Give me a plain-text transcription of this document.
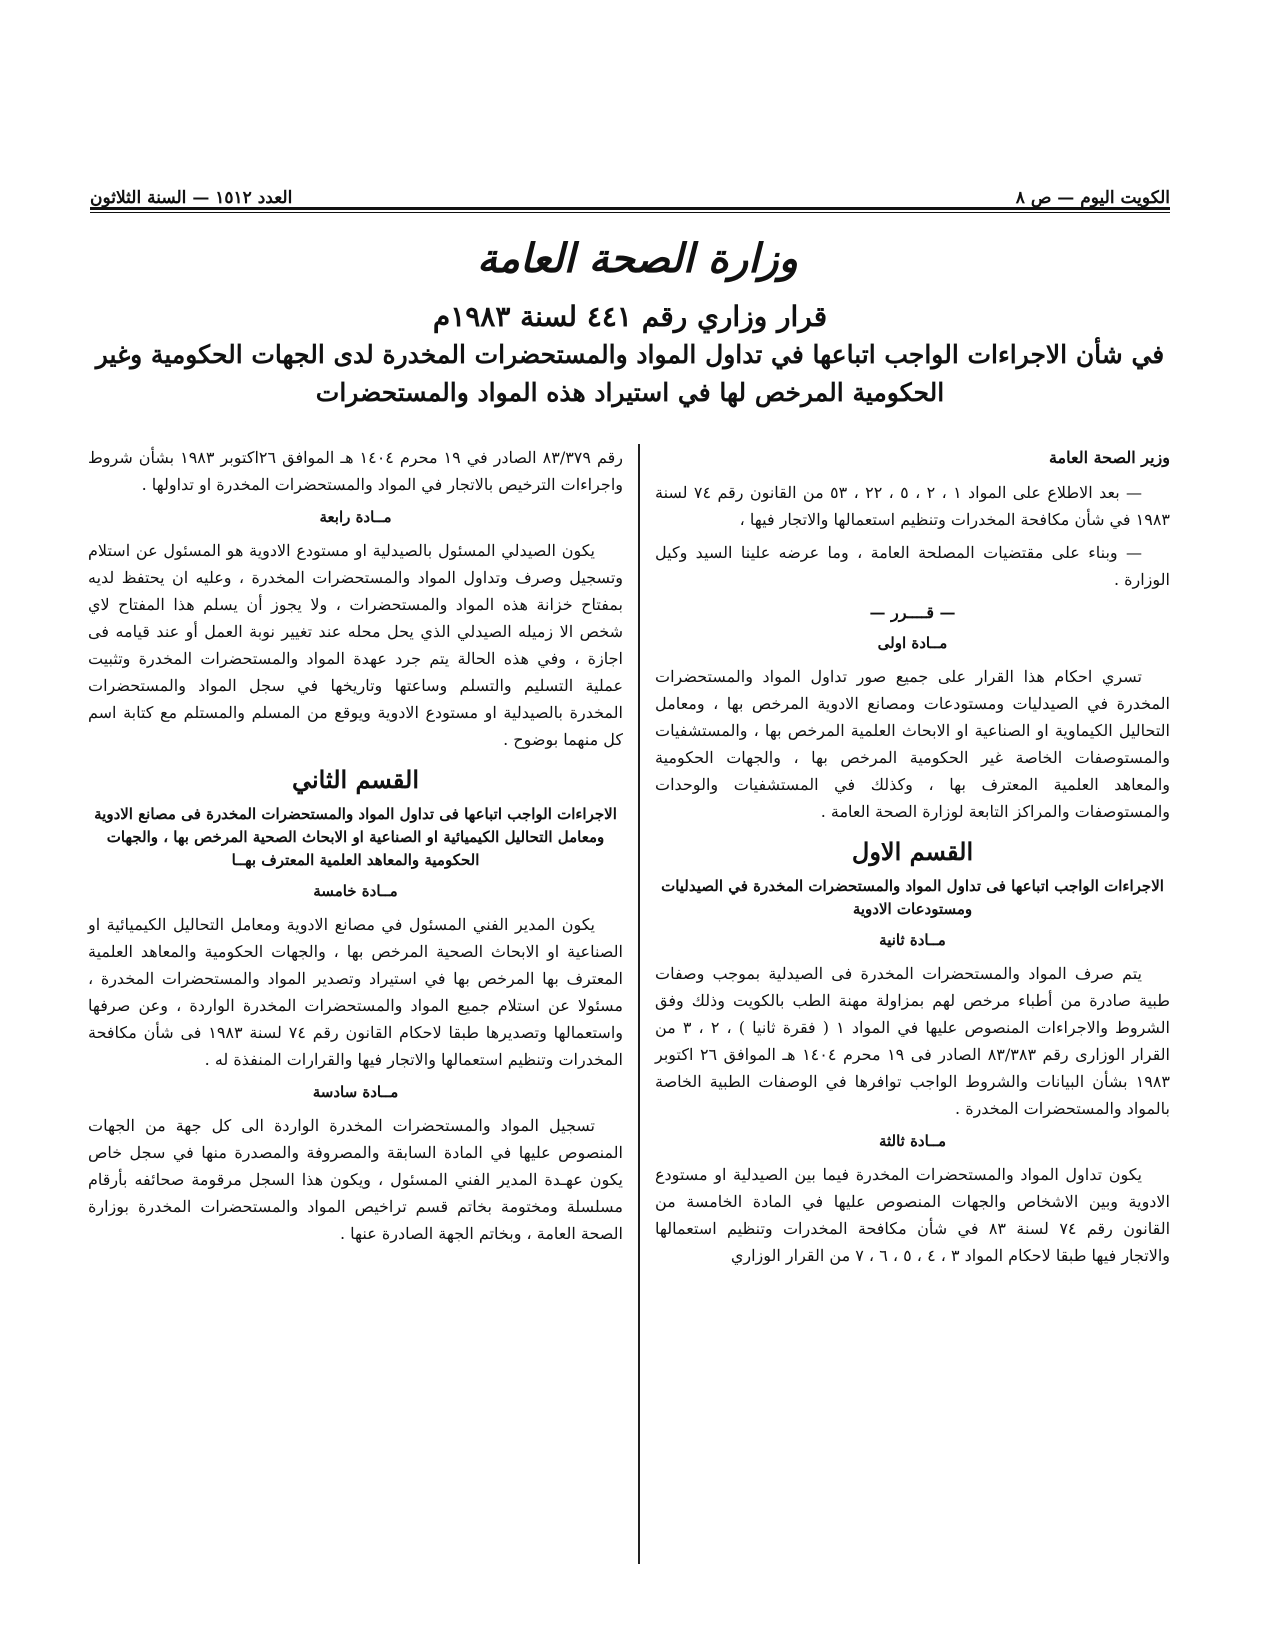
الكويت اليوم — ص ٨
العدد ١٥١٢ — السنة الثلاثون
وزارة الصحة العامة
قرار وزاري رقم ٤٤١ لسنة ١٩٨٣م
في شأن الاجراءات الواجب اتباعها في تداول المواد والمستحضرات المخدرة لدى الجهات الحكومية وغير الحكومية المرخص لها في استيراد هذه المواد والمستحضرات

وزير الصحة العامة

— بعد الاطلاع على المواد ١ ، ٢ ، ٥ ، ٢٢ ، ٥٣ من القانون رقم ٧٤ لسنة ١٩٨٣ في شأن مكافحة المخدرات وتنظيم استعمالها والاتجار فيها ،

— وبناء على مقتضيات المصلحة العامة ، وما عرضه علينا السيد وكيل الوزارة .

— قــــرر —

مــادة اولى

تسري احكام هذا القرار على جميع صور تداول المواد والمستحضرات المخدرة في الصيدليات ومستودعات ومصانع الادوية المرخص بها ، ومعامل التحاليل الكيماوية او الصناعية او الابحاث العلمية المرخص بها ، والمستشفيات والمستوصفات الخاصة غير الحكومية المرخص بها ، والجهات الحكومية والمعاهد العلمية المعترف بها ، وكذلك في المستشفيات والوحدات والمستوصفات والمراكز التابعة لوزارة الصحة العامة .

القسم الاول

الاجراءات الواجب اتباعها فى تداول المواد والمستحضرات المخدرة في الصيدليات ومستودعات الادوية

مــادة ثانية

يتم صرف المواد والمستحضرات المخدرة فى الصيدلية بموجب وصفات طبية صادرة من أطباء مرخص لهم بمزاولة مهنة الطب بالكويت وذلك وفق الشروط والاجراءات المنصوص عليها في المواد ١ ( فقرة ثانيا ) ، ٢ ، ٣ من القرار الوزارى رقم ٨٣/٣٨٣ الصادر فى ١٩ محرم ١٤٠٤ هـ الموافق ٢٦ اكتوبر ١٩٨٣ بشأن البيانات والشروط الواجب توافرها في الوصفات الطبية الخاصة بالمواد والمستحضرات المخدرة .

مــادة ثالثة

يكون تداول المواد والمستحضرات المخدرة فيما بين الصيدلية او مستودع الادوية وبين الاشخاص والجهات المنصوص عليها في المادة الخامسة من القانون رقم ٧٤ لسنة ٨٣ في شأن مكافحة المخدرات وتنظيم استعمالها والاتجار فيها طبقا لاحكام المواد ٣ ، ٤ ، ٥ ، ٦ ، ٧ من القرار الوزاري

رقم ٨٣/٣٧٩ الصادر في ١٩ محرم ١٤٠٤ هـ الموافق ٢٦اكتوبر ١٩٨٣ بشأن شروط واجراءات الترخيص بالاتجار في المواد والمستحضرات المخدرة او تداولها .

مــادة رابعة

يكون الصيدلي المسئول بالصيدلية او مستودع الادوية هو المسئول عن استلام وتسجيل وصرف وتداول المواد والمستحضرات المخدرة ، وعليه ان يحتفظ لديه بمفتاح خزانة هذه المواد والمستحضرات ، ولا يجوز أن يسلم هذا المفتاح لاي شخص الا زميله الصيدلي الذي يحل محله عند تغيير نوبة العمل أو عند قيامه فى اجازة ، وفي هذه الحالة يتم جرد عهدة المواد والمستحضرات المخدرة وتثبيت عملية التسليم والتسلم وساعتها وتاريخها في سجل المواد والمستحضرات المخدرة بالصيدلية او مستودع الادوية ويوقع من المسلم والمستلم مع كتابة اسم كل منهما بوضوح .

القسم الثاني

الاجراءات الواجب اتباعها فى تداول المواد والمستحضرات المخدرة فى مصانع الادوية ومعامل التحاليل الكيميائية او الصناعية او الابحاث الصحية المرخص بها ، والجهات الحكومية والمعاهد العلمية المعترف بهــا

مــادة خامسة

يكون المدير الفني المسئول في مصانع الادوية ومعامل التحاليل الكيميائية او الصناعية او الابحاث الصحية المرخص بها ، والجهات الحكومية والمعاهد العلمية المعترف بها المرخص بها في استيراد وتصدير المواد والمستحضرات المخدرة ، مسئولا عن استلام جميع المواد والمستحضرات المخدرة الواردة ، وعن صرفها واستعمالها وتصديرها طبقا لاحكام القانون رقم ٧٤ لسنة ١٩٨٣ فى شأن مكافحة المخدرات وتنظيم استعمالها والاتجار فيها والقرارات المنفذة له .

مــادة سادسة

تسجيل المواد والمستحضرات المخدرة الواردة الى كل جهة من الجهات المنصوص عليها في المادة السابقة والمصروفة والمصدرة منها في سجل خاص يكون عهـدة المدير الفني المسئول ، ويكون هذا السجل مرقومة صحائفه بأرقام مسلسلة ومختومة بخاتم قسم تراخيص المواد والمستحضرات المخدرة بوزارة الصحة العامة ، وبخاتم الجهة الصادرة عنها .
